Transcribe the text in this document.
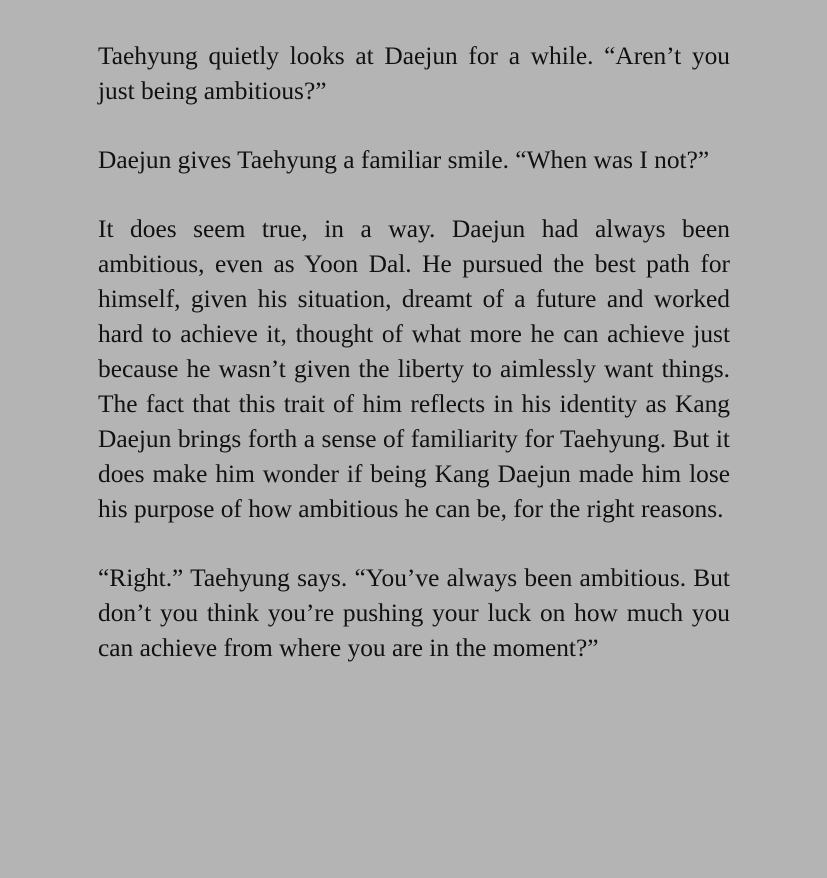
Taehyung quietly looks at Daejun for a while. “Aren’t you just being ambitious?”

Daejun gives Taehyung a familiar smile. “When was I not?”

It does seem true, in a way. Daejun had always been ambitious, even as Yoon Dal. He pursued the best path for himself, given his situation, dreamt of a future and worked hard to achieve it, thought of what more he can achieve just because he wasn’t given the liberty to aimlessly want things. The fact that this trait of him reflects in his identity as Kang Daejun brings forth a sense of familiarity for Taehyung. But it does make him wonder if being Kang Daejun made him lose his purpose of how ambitious he can be, for the right reasons.

“Right.” Taehyung says. “You’ve always been ambitious. But don’t you think you’re pushing your luck on how much you can achieve from where you are in the moment?”
